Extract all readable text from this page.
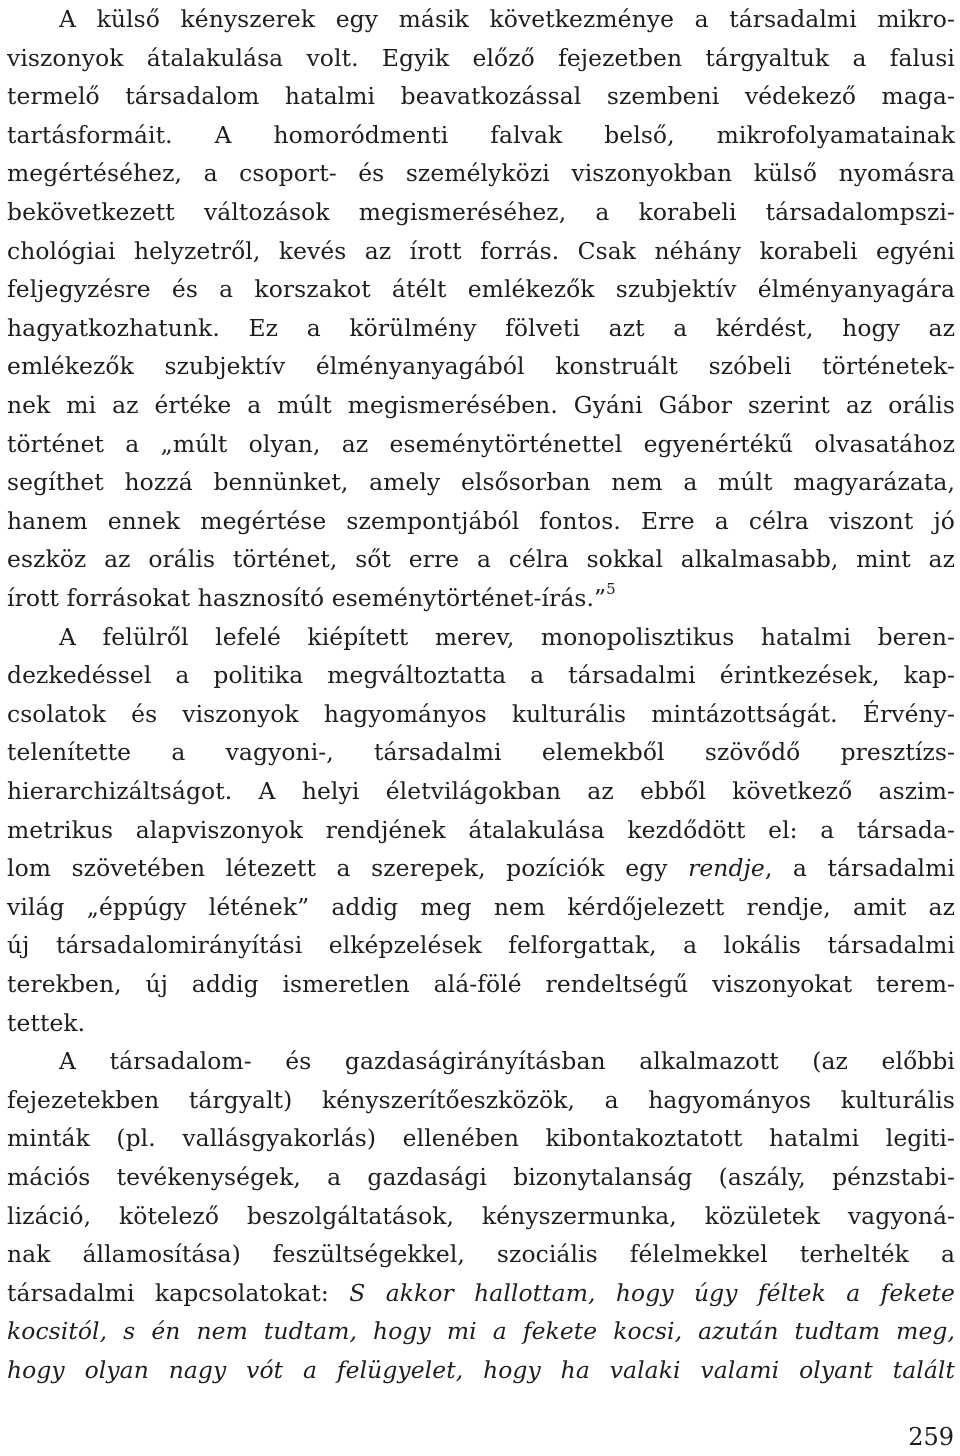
A külső kényszerek egy másik következménye a társadalmi mikro-
viszonyok átalakulása volt. Egyik előző fejezetben tárgyaltuk a falusi
termelő társadalom hatalmi beavatkozással szembeni védekező maga-
tartásformáit. A homoródmenti falvak belső, mikrofolyamatainak
megértéséhez, a csoport- és személyközi viszonyokban külső nyomásra
bekövetkezett változások megismeréséhez, a korabeli társadalompszi-
chológiai helyzetről, kevés az írott forrás. Csak néhány korabeli egyéni
feljegyzésre és a korszakot átélt emlékezők szubjektív élményanyagára
hagyatkozhatunk. Ez a körülmény fölveti azt a kérdést, hogy az
emlékezők szubjektív élményanyagából konstruált szóbeli történetek-
nek mi az értéke a múlt megismerésében. Gyáni Gábor szerint az orális
történet a „múlt olyan, az eseménytörténettel egyenértékű olvasatához
segíthet hozzá bennünket, amely elsősorban nem a múlt magyarázata,
hanem ennek megértése szempontjából fontos. Erre a célra viszont jó
eszköz az orális történet, sőt erre a célra sokkal alkalmasabb, mint az
írott forrásokat hasznosító eseménytörténet-írás.”$^5$
A felülről lefelé kiépített merev, monopolisztikus hatalmi beren-
dezkedéssel a politika megváltoztatta a társadalmi érintkezések, kap-
csolatok és viszonyok hagyományos kulturális mintázottságát. Érvény-
telenítette a vagyoni-, társadalmi elemekből szövődő presztízs-
hierarchizáltságot. A helyi életvilágokban az ebből következő aszim-
metrikus alapviszonyok rendjének átalakulása kezdődött el: a társada-
lom szövetében létezett a szerepek, pozíciók egy rendje, a társadalmi
világ „éppúgy létének” addig meg nem kérdőjelezett rendje, amit az
új társadalomirányítási elképzelések felforgattak, a lokális társadalmi
terekben, új addig ismeretlen alá-fölé rendeltségű viszonyokat terem-
tettek.
A társadalom- és gazdaságirányításban alkalmazott (az előbbi
fejezetekben tárgyalt) kényszerítőeszközök, a hagyományos kulturális
minták (pl. vallásgyakorlás) ellenében kibontakoztatott hatalmi legiti-
mációs tevékenységek, a gazdasági bizonytalanság (aszály, pénzstabi-
lizáció, kötelező beszolgáltatások, kényszermunka, közületek vagyoná-
nak államosítása) feszültségekkel, szociális félelmekkel terhelték a
társadalmi kapcsolatokat: S akkor hallottam, hogy úgy féltek a fekete
kocsitól, s én nem tudtam, hogy mi a fekete kocsi, azután tudtam meg,
hogy olyan nagy vót a felügyelet, hogy ha valaki valami olyant talált
259
